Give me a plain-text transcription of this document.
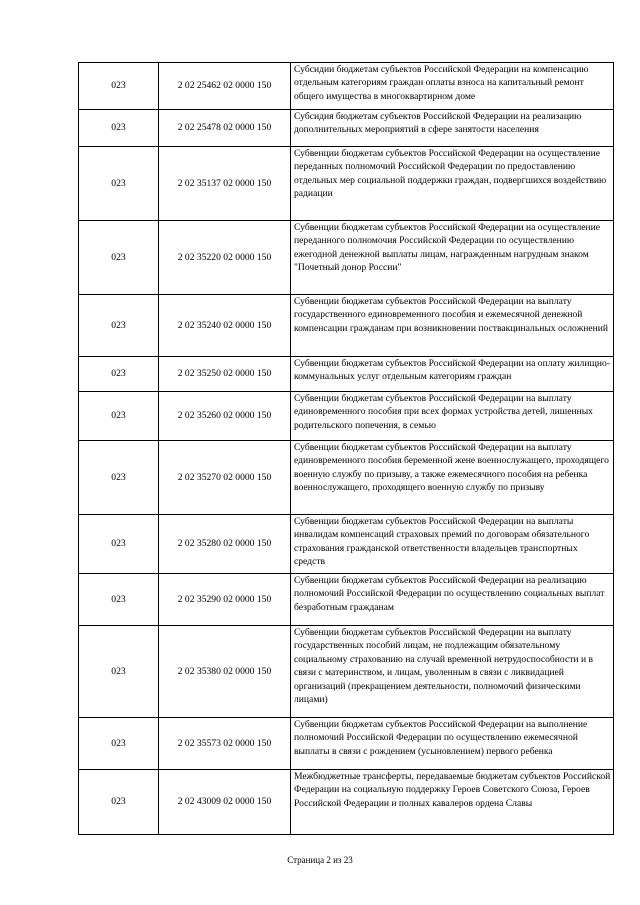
023	2 02 25462 02 0000 150	Субсидии бюджетам субъектов Российской Федерации на компенсацию отдельным категориям граждан оплаты взноса на капитальный ремонт общего имущества в многоквартирном доме
023	2 02 25478 02 0000 150	Субсидия бюджетам субъектов Российской Федерации на реализацию дополнительных мероприятий в сфере занятости населения
023	2 02 35137 02 0000 150	Субвенции бюджетам субъектов Российской Федерации на осуществление переданных полномочий Российской Федерации по предоставлению отдельных мер социальной поддержки граждан, подвергшихся воздействию радиации
023	2 02 35220 02 0000 150	Субвенции бюджетам субъектов Российской Федерации на осуществление переданного полномочия Российской Федерации по осуществлению ежегодной денежной выплаты лицам, награжденным нагрудным знаком "Почетный донор России"
023	2 02 35240 02 0000 150	Субвенции бюджетам субъектов Российской Федерации на выплату государственного единовременного пособия и ежемесячной денежной компенсации гражданам при возникновении поствакцинальных осложнений
023	2 02 35250 02 0000 150	Субвенции бюджетам субъектов Российской Федерации на оплату жилищно-коммунальных услуг отдельным категориям граждан
023	2 02 35260 02 0000 150	Субвенции бюджетам субъектов Российской Федерации на выплату единовременного пособия при всех формах устройства детей, лишенных родительского попечения, в семью
023	2 02 35270 02 0000 150	Субвенции бюджетам субъектов Российской Федерации на выплату единовременного пособия беременной жене военнослужащего, проходящего военную службу по призыву, а также ежемесячного пособия на ребенка военнослужащего, проходящего военную службу по призыву
023	2 02 35280 02 0000 150	Субвенции бюджетам субъектов Российской Федерации на выплаты инвалидам компенсаций страховых премий по договорам обязательного страхования гражданской ответственности владельцев транспортных средств
023	2 02 35290 02 0000 150	Субвенции бюджетам субъектов Российской Федерации на реализацию полномочий Российской Федерации по осуществлению социальных выплат безработным гражданам
023	2 02 35380 02 0000 150	Субвенции бюджетам субъектов Российской Федерации на выплату государственных пособий лицам, не подлежащим обязательному социальному страхованию на случай временной нетрудоспособности и в связи с материнством, и лицам, уволенным в связи с ликвидацией организаций (прекращением деятельности, полномочий физическими лицами)
023	2 02 35573 02 0000 150	Субвенции бюджетам субъектов Российской Федерации на выполнение полномочий Российской Федерации по осуществлению ежемесячной выплаты в связи с рождением (усыновлением) первого ребенка
023	2 02 43009 02 0000 150	Межбюджетные трансферты, передаваемые бюджетам субъектов Российской Федерации на социальную поддержку Героев Советского Союза, Героев Российской Федерации и полных кавалеров ордена Славы
Страница 2 из 23
